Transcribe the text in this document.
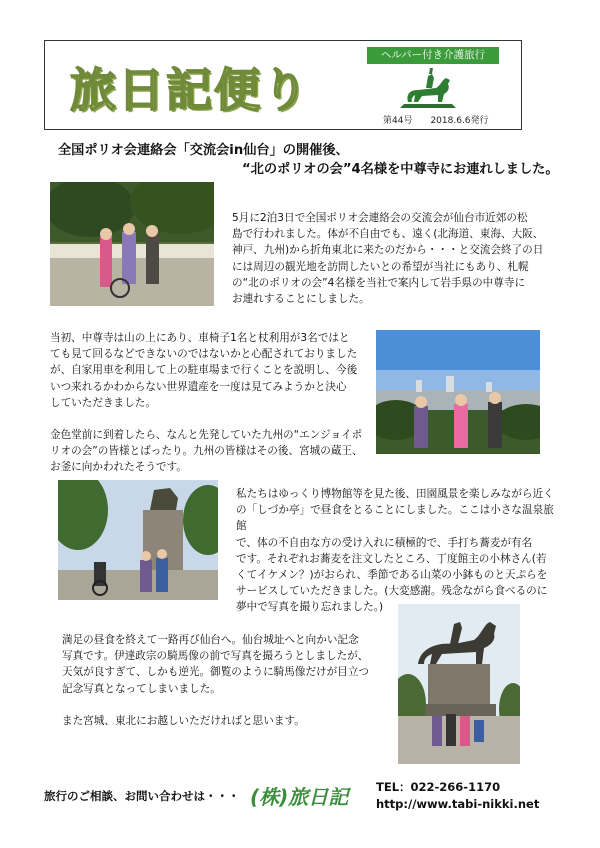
旅日記便り
ヘルパー付き介護旅行
第44号 2018.6.6発行
全国ポリオ会連絡会「交流会in仙台」の開催後、
“北のポリオの会”4名様を中尊寺にお連れしました。
5月に2泊3日で全国ポリオ会連絡会の交流会が仙台市近郊の松
島で行われました。体が不自由でも、遠く(北海道、東海、大阪、
神戸、九州)から折角東北に来たのだから・・・と交流会終了の日
には周辺の観光地を訪問したいとの希望が当社にもあり、札幌
の“北のポリオの会”4名様を当社で案内して岩手県の中尊寺に
お連れすることにしました。
当初、中尊寺は山の上にあり、車椅子1名と杖利用が3名ではと
ても見て回るなどできないのではないかと心配されておりました
が、自家用車を利用して上の駐車場まで行くことを説明し、今後
いつ来れるかわからない世界遺産を一度は見てみようかと決心
していただきました。
金色堂前に到着したら、なんと先発していた九州の“エンジョイポ
リオの会”の皆様とばったり。九州の皆様はその後、宮城の蔵王、
お釜に向かわれたそうです。
私たちはゆっくり博物館等を見た後、田園風景を楽しみながら近く
の「しづか亭」で昼食をとることにしました。ここは小さな温泉旅館
で、体の不自由な方の受け入れに積極的で、手打ち蕎麦が有名
です。それぞれお蕎麦を注文したところ、丁度館主の小林さん(若
くてイケメン？)がおられ、季節である山菜の小鉢ものと天ぷらを
サービスしていただきました。(大変感謝。残念ながら食べるのに
夢中で写真を撮り忘れました。)
満足の昼食を終えて一路再び仙台へ。仙台城址へと向かい記念
写真です。伊達政宗の騎馬像の前で写真を撮ろうとしましたが、
天気が良すぎて、しかも逆光。御覧のように騎馬像だけが目立つ
記念写真となってしまいました。
また宮城、東北にお越しいただければと思います。
旅行のご相談、お問い合わせは・・・ (株)旅日記 TEL：022-266-1170
http://www.tabi-nikki.net
